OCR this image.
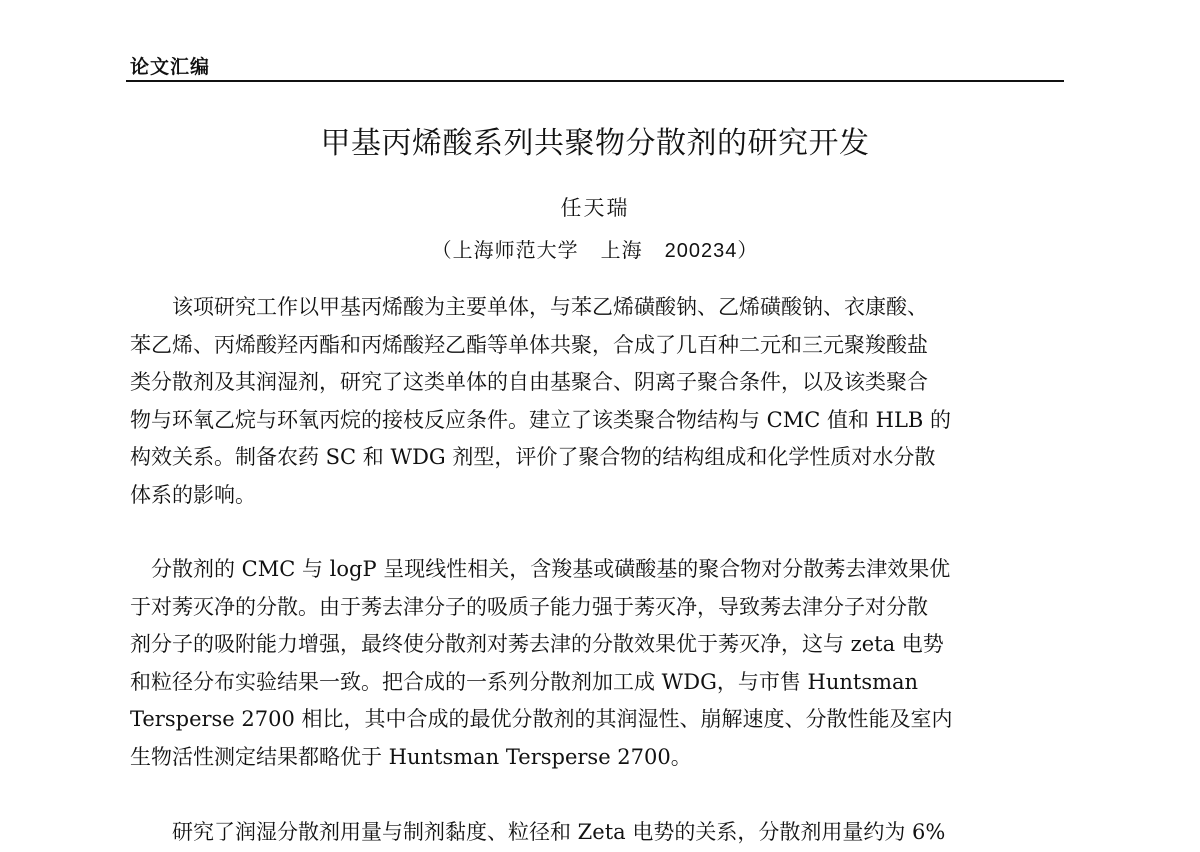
论文汇编
甲基丙烯酸系列共聚物分散剂的研究开发
任天瑞
（上海师范大学 上海 200234）
该项研究工作以甲基丙烯酸为主要单体，与苯乙烯磺酸钠、乙烯磺酸钠、衣康酸、
苯乙烯、丙烯酸羟丙酯和丙烯酸羟乙酯等单体共聚，合成了几百种二元和三元聚羧酸盐
类分散剂及其润湿剂，研究了这类单体的自由基聚合、阴离子聚合条件，以及该类聚合
物与环氧乙烷与环氧丙烷的接枝反应条件。建立了该类聚合物结构与 CMC 值和 HLB 的
构效关系。制备农药 SC 和 WDG 剂型，评价了聚合物的结构组成和化学性质对水分散
体系的影响。
分散剂的 CMC 与 logP 呈现线性相关，含羧基或磺酸基的聚合物对分散莠去津效果优
于对莠灭净的分散。由于莠去津分子的吸质子能力强于莠灭净，导致莠去津分子对分散
剂分子的吸附能力增强，最终使分散剂对莠去津的分散效果优于莠灭净，这与 zeta 电势
和粒径分布实验结果一致。把合成的一系列分散剂加工成 WDG，与市售 Huntsman
Tersperse 2700 相比，其中合成的最优分散剂的其润湿性、崩解速度、分散性能及室内
生物活性测定结果都略优于 Huntsman Tersperse 2700。
研究了润湿分散剂用量与制剂黏度、粒径和 Zeta 电势的关系，分散剂用量约为 6%
